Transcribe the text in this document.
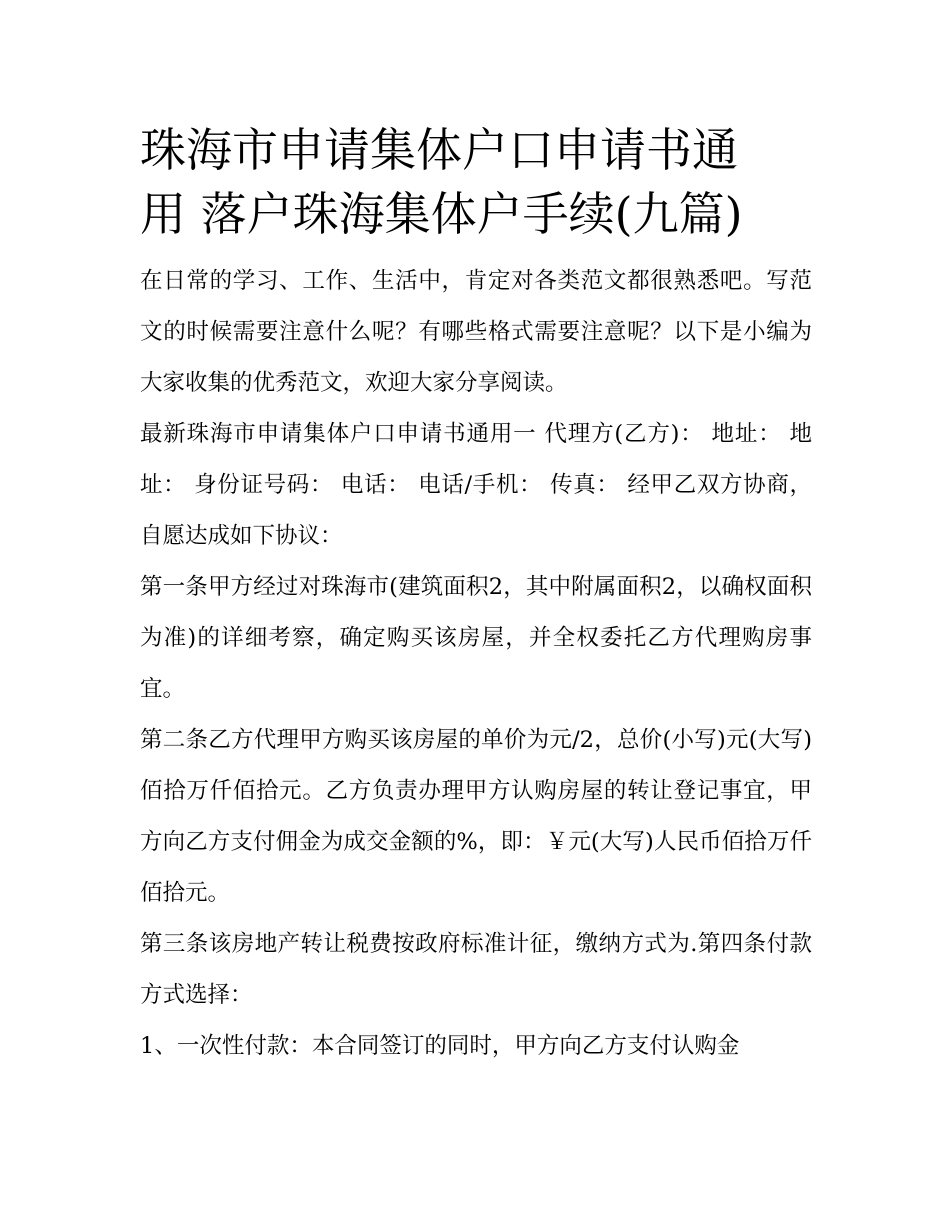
珠海市申请集体户口申请书通
用 落户珠海集体户手续(九篇)

在日常的学习、工作、生活中，肯定对各类范文都很熟悉吧。写范文的时候需要注意什么呢？有哪些格式需要注意呢？以下是小编为大家收集的优秀范文，欢迎大家分享阅读。

最新珠海市申请集体户口申请书通用一 代理方(乙方)： 地址： 地址： 身份证号码： 电话： 电话/手机： 传真： 经甲乙双方协商，自愿达成如下协议：

第一条甲方经过对珠海市(建筑面积2，其中附属面积2，以确权面积为准)的详细考察，确定购买该房屋，并全权委托乙方代理购房事宜。

第二条乙方代理甲方购买该房屋的单价为元/2，总价(小写)元(大写)佰拾万仟佰拾元。乙方负责办理甲方认购房屋的转让登记事宜，甲方向乙方支付佣金为成交金额的%，即：￥元(大写)人民币佰拾万仟佰拾元。

第三条该房地产转让税费按政府标准计征，缴纳方式为.第四条付款方式选择：

1、一次性付款：本合同签订的同时，甲方向乙方支付认购金
